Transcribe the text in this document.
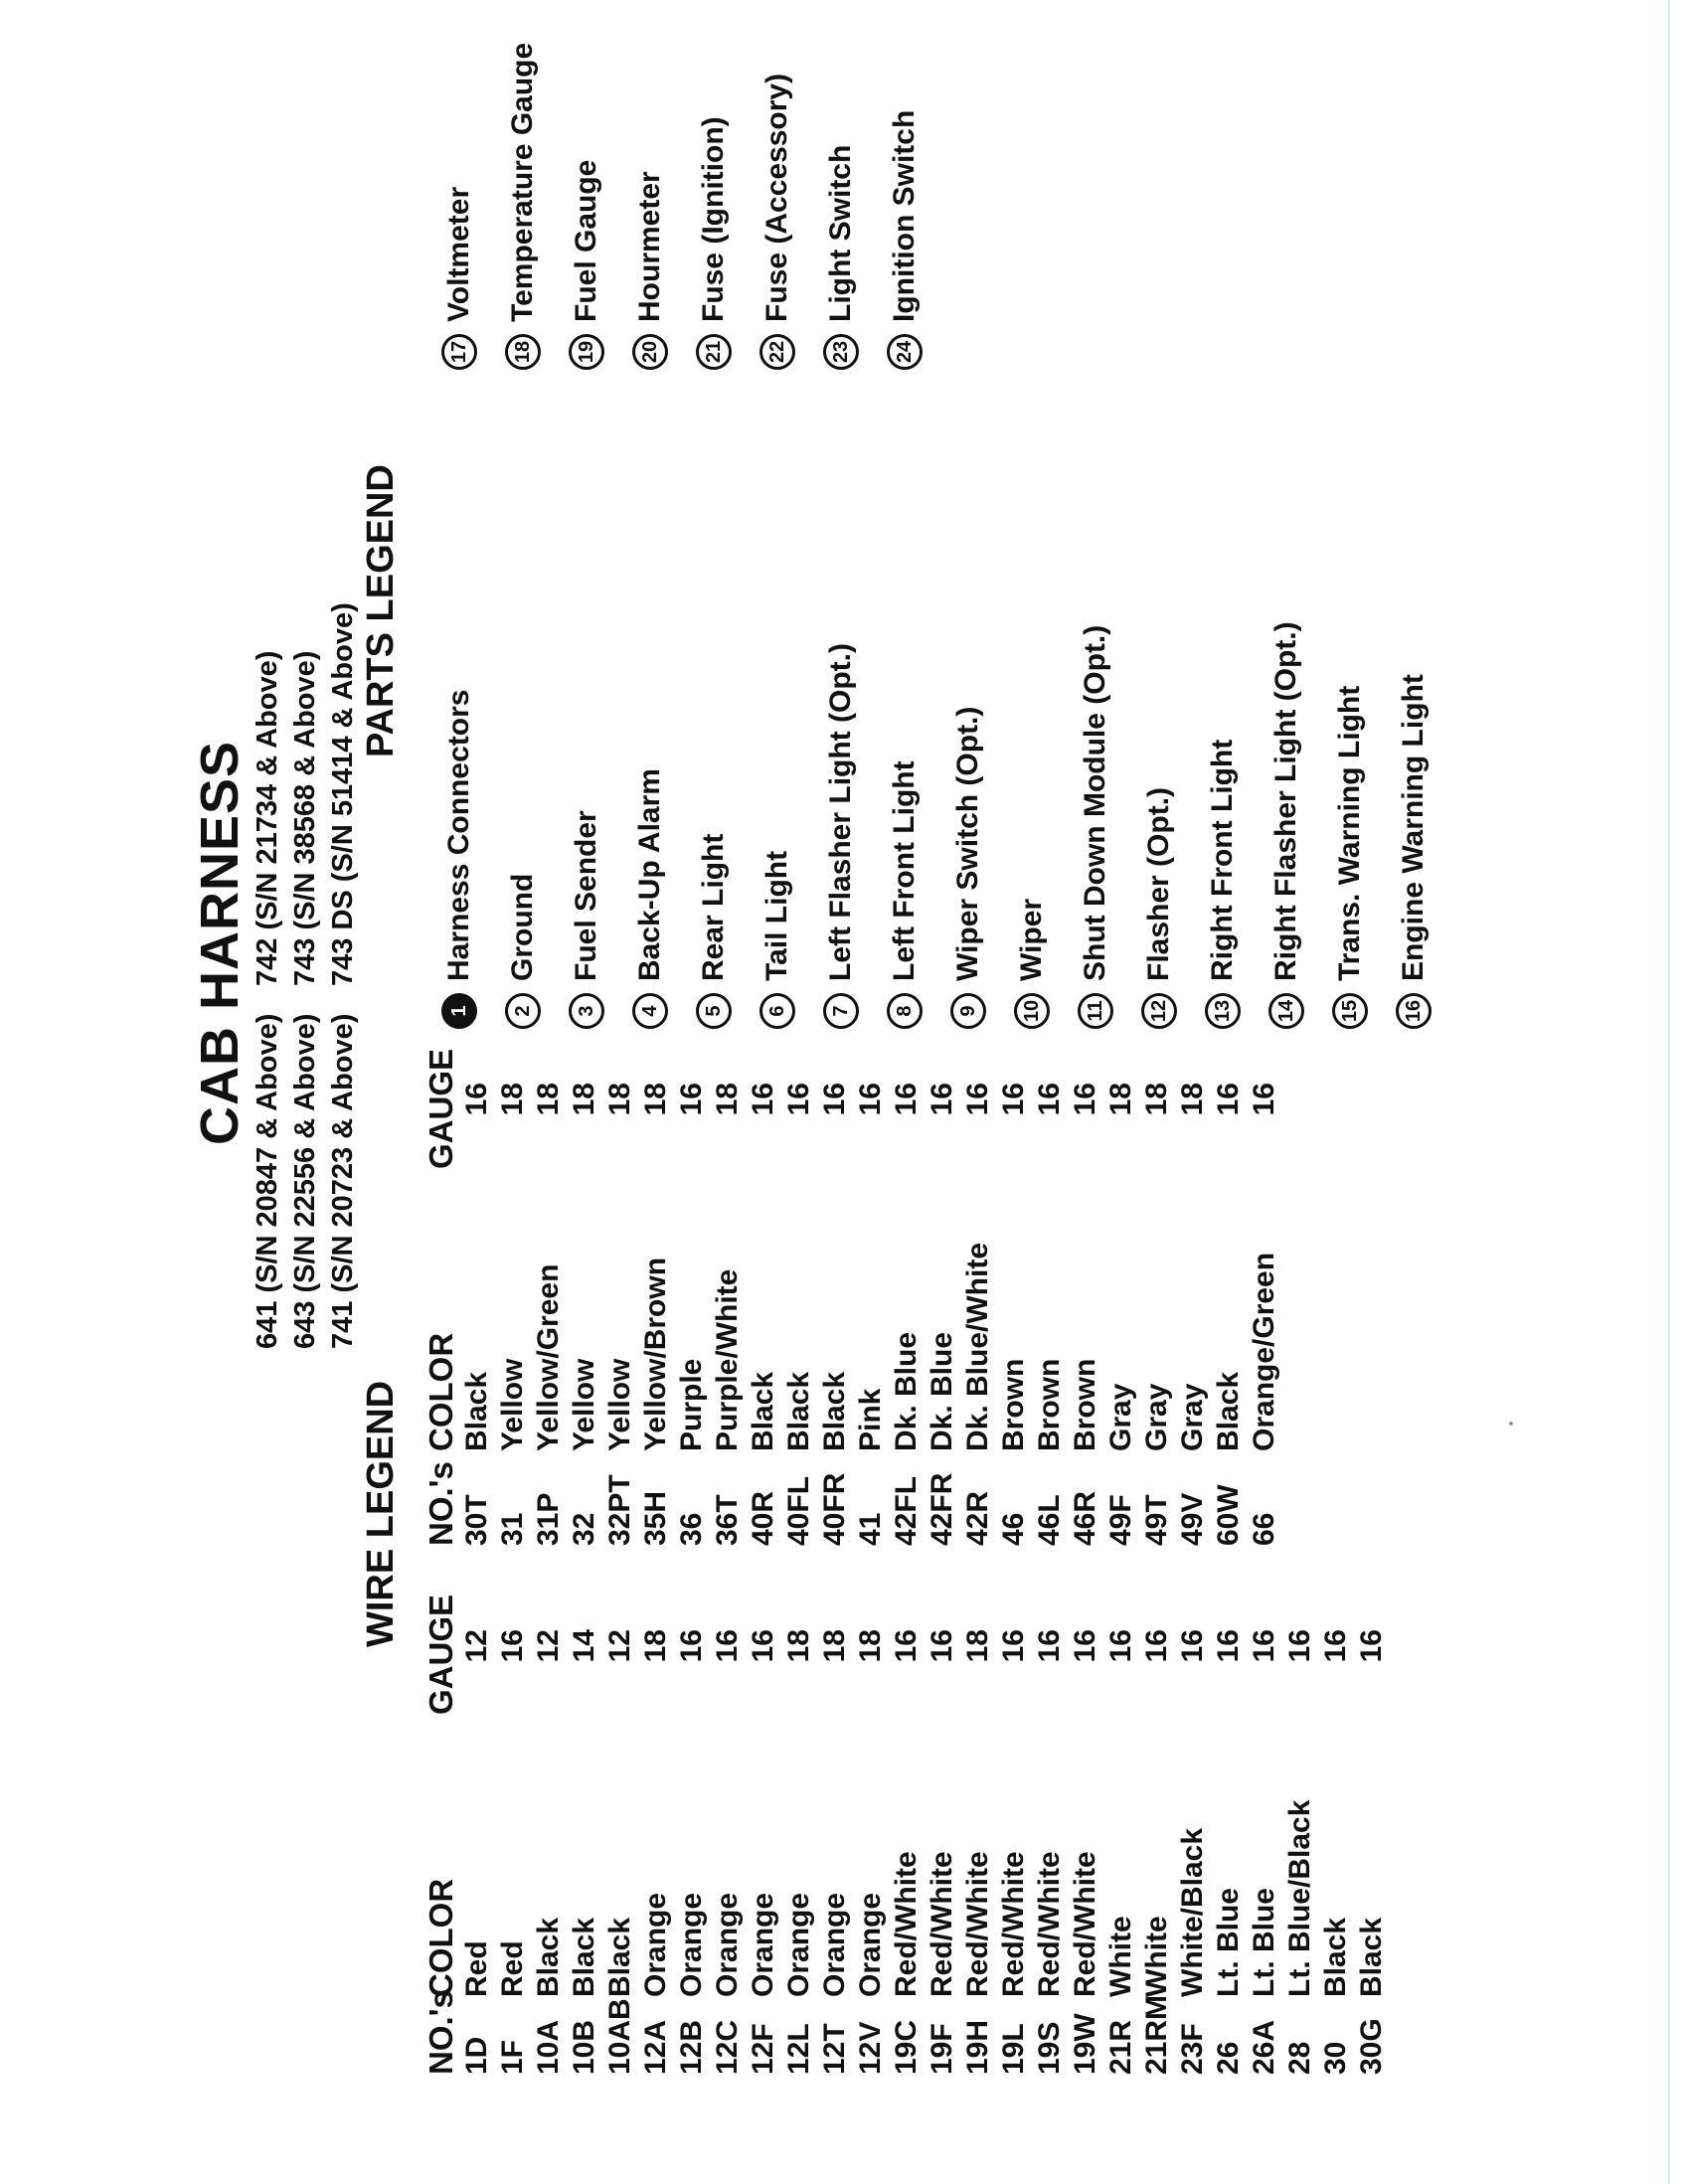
CAB HARNESS
641 (S/N 20847 & Above) 643 (S/N 22556 & Above) 741 (S/N 20723 & Above)
742 (S/N 21734 & Above) 743 (S/N 38568 & Above) 743 DS (S/N 51414 & Above)
WIRE LEGEND
PARTS LEGEND
NO.'s
COLOR
GAUGE
NO.'s
COLOR
GAUGE
1D 1F 10A 10B 10AB 12A 12B 12C 12F 12L 12T 12V 19C 19F 19H 19L 19S 19W 21R 21RM 23F 26 26A 28 30 30G
Red Red Black Black Black Orange Orange Orange Orange Orange Orange Orange Red/White Red/White Red/White Red/White Red/White Red/White White White White/Black Lt. Blue Lt. Blue Lt. Blue/Black Black Black
12 16 12 14 12 18 16 16 16 18 18 18 16 16 18 16 16 16 16 16 16 16 16 16 16 16
30T 31 31P 32 32PT 35H 36 36T 40R 40FL 40FR 41 42FL 42FR 42R 46 46L 46R 49F 49T 49V 60W 66
Black Yellow Yellow/Green Yellow Yellow Yellow/Brown Purple Purple/White Black Black Black Pink Dk. Blue Dk. Blue Dk. Blue/White Brown Brown Brown Gray Gray Gray Black Orange/Green
16 18 18 18 18 18 16 18 16 16 16 16 16 16 16 16 16 16 18 18 18 16 16
1
Harness Connectors
2
Ground
3
Fuel Sender
4
Back-Up Alarm
5
Rear Light
6
Tail Light
7
Left Flasher Light (Opt.)
8
Left Front Light
9
Wiper Switch (Opt.)
10
Wiper
11
Shut Down Module (Opt.)
12
Flasher (Opt.)
13
Right Front Light
14
Right Flasher Light (Opt.)
15
Trans. Warning Light
16
Engine Warning Light
17
Voltmeter
18
Temperature Gauge
19
Fuel Gauge
20
Hourmeter
21
Fuse (Ignition)
22
Fuse (Accessory)
23
Light Switch
24
Ignition Switch
